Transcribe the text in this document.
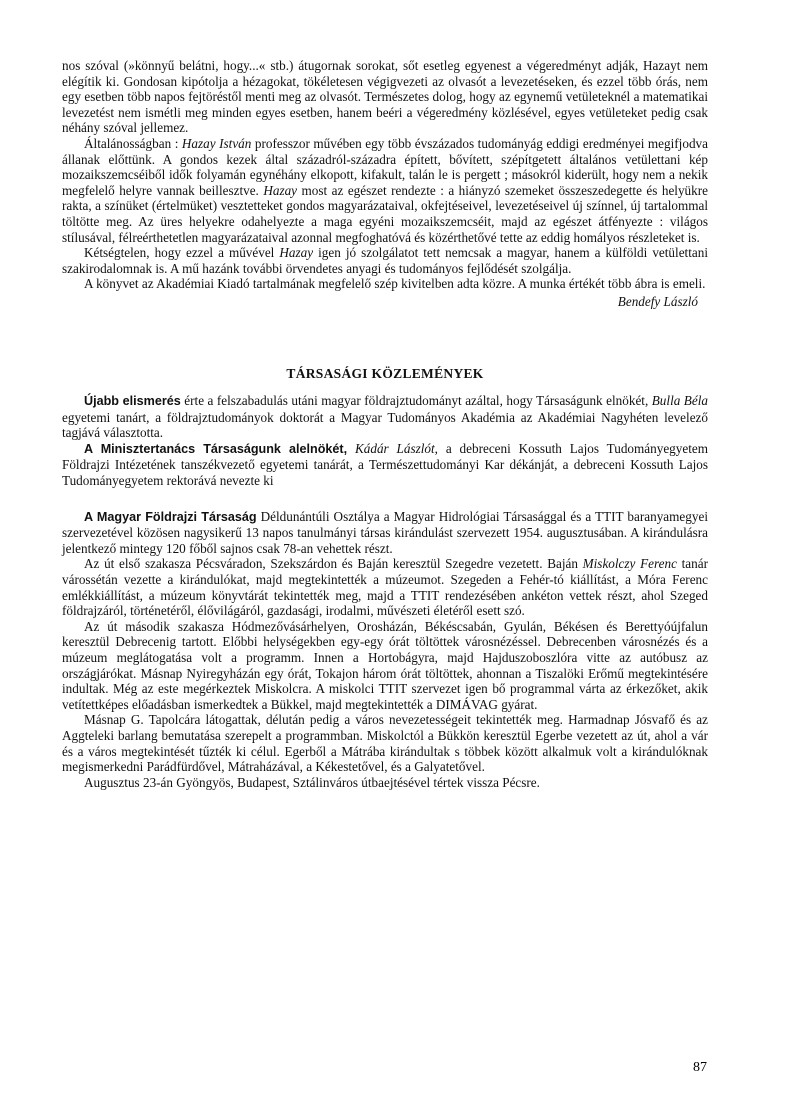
nos szóval (»könnyű belátni, hogy...« stb.) átugornak sorokat, sőt esetleg egyenest a végeredményt adják, Hazayt nem elégítik ki. Gondosan kipótolja a hézagokat, tökéletesen végigvezeti az olvasót a levezetéseken, és ezzel több órás, nem egy esetben több napos fejtöréstől menti meg az olvasót. Természetes dolog, hogy az egynemű vetületeknél a matematikai levezetést nem ismétli meg minden egyes esetben, hanem beéri a végeredmény közlésével, egyes vetületeket pedig csak néhány szóval jellemez.

Általánosságban : Hazay István professzor művében egy több évszázados tudományág eddigi eredményei megifjodva állanak előttünk. A gondos kezek által századról-századra épített, bővített, szépítgetett általános vetülettani kép mozaikszemcséiből idők folyamán egynéhány elkopott, kifakult, talán le is pergett ; másokról kiderült, hogy nem a nekik megfelelő helyre vannak beillesztve. Hazay most az egészet rendezte : a hiányzó szemeket összeszedegette és helyükre rakta, a színüket (értelmüket) vesztetteket gondos magyarázataival, okfejtéseivel, levezetéseivel új színnel, új tartalommal töltötte meg. Az üres helyekre odahelyezte a maga egyéni mozaikszemcséit, majd az egészet átfényezte : világos stílusával, félreérthetetlen magyarázataival azonnal megfoghatóvá és közérthetővé tette az eddig homályos részleteket is.

Kétségtelen, hogy ezzel a művével Hazay igen jó szolgálatot tett nemcsak a magyar, hanem a külföldi vetülettani szakirodalomnak is. A mű hazánk további örvendetes anyagi és tudományos fejlődését szolgálja.

A könyvet az Akadémiai Kiadó tartalmának megfelelő szép kivitelben adta közre. A munka értékét több ábra is emeli.

Bendefy László

TÁRSASÁGI KÖZLEMÉNYEK

Újabb elismerés érte a felszabadulás utáni magyar földrajztudományt azáltal, hogy Társaságunk elnökét, Bulla Béla egyetemi tanárt, a földrajztudományok doktorát a Magyar Tudományos Akadémia az Akadémiai Nagyhéten levelező tagjává választotta.

A Minisztertanács Társaságunk alelnökét, Kádár Lászlót, a debreceni Kossuth Lajos Tudományegyetem Földrajzi Intézetének tanszékvezető egyetemi tanárát, a Természettudományi Kar dékánját, a debreceni Kossuth Lajos Tudományegyetem rektorává nevezte ki

A Magyar Földrajzi Társaság Déldunántúli Osztálya a Magyar Hidrológiai Társasággal és a TTIT baranyamegyei szervezetével közösen nagysikerű 13 napos tanulmányi társas kirándulást szervezett 1954. augusztusában. A kirándulásra jelentkező mintegy 120 főből sajnos csak 78-an vehettek részt.

Az út első szakasza Pécsváradon, Szekszárdon és Baján keresztül Szegedre vezetett. Baján Miskolczy Ferenc tanár várossétán vezette a kirándulókat, majd megtekintették a múzeumot. Szegeden a Fehér-tó kiállítást, a Móra Ferenc emlékkiállítást, a múzeum könyvtárát tekintették meg, majd a TTIT rendezésében ankéton vettek részt, ahol Szeged földrajzáról, történetéről, élővilágáról, gazdasági, irodalmi, művészeti életéről esett szó.

Az út második szakasza Hódmezővásárhelyen, Orosházán, Békéscsabán, Gyulán, Békésen és Berettyóújfalun keresztül Debrecenig tartott. Előbbi helységekben egy-egy órát töltöttek városnézéssel. Debrecenben városnézés és a múzeum meglátogatása volt a programm. Innen a Hortobágyra, majd Hajduszoboszlóra vitte az autóbusz az országjárókat. Másnap Nyiregyházán egy órát, Tokajon három órát töltöttek, ahonnan a Tiszalöki Erőmű megtekintésére indultak. Még az este megérkeztek Miskolcra. A miskolci TTIT szervezet igen bő programmal várta az érkezőket, akik vetítettképes előadásban ismerkedtek a Bükkel, majd megtekintették a DIMÁVAG gyárat.

Másnap G. Tapolcára látogattak, délután pedig a város nevezetességeit tekintették meg. Harmadnap Jósvafő és az Aggteleki barlang bemutatása szerepelt a programmban. Miskolctól a Bükkön keresztül Egerbe vezetett az út, ahol a vár és a város megtekintését tűzték ki célul. Egerből a Mátrába kirándultak s többek között alkalmuk volt a kirándulóknak megismerkedni Parádfürdővel, Mátraházával, a Kékestetővel, és a Galyatetővel.

Augusztus 23-án Gyöngyös, Budapest, Sztálinváros útbaejtésével tértek vissza Pécsre.

87
